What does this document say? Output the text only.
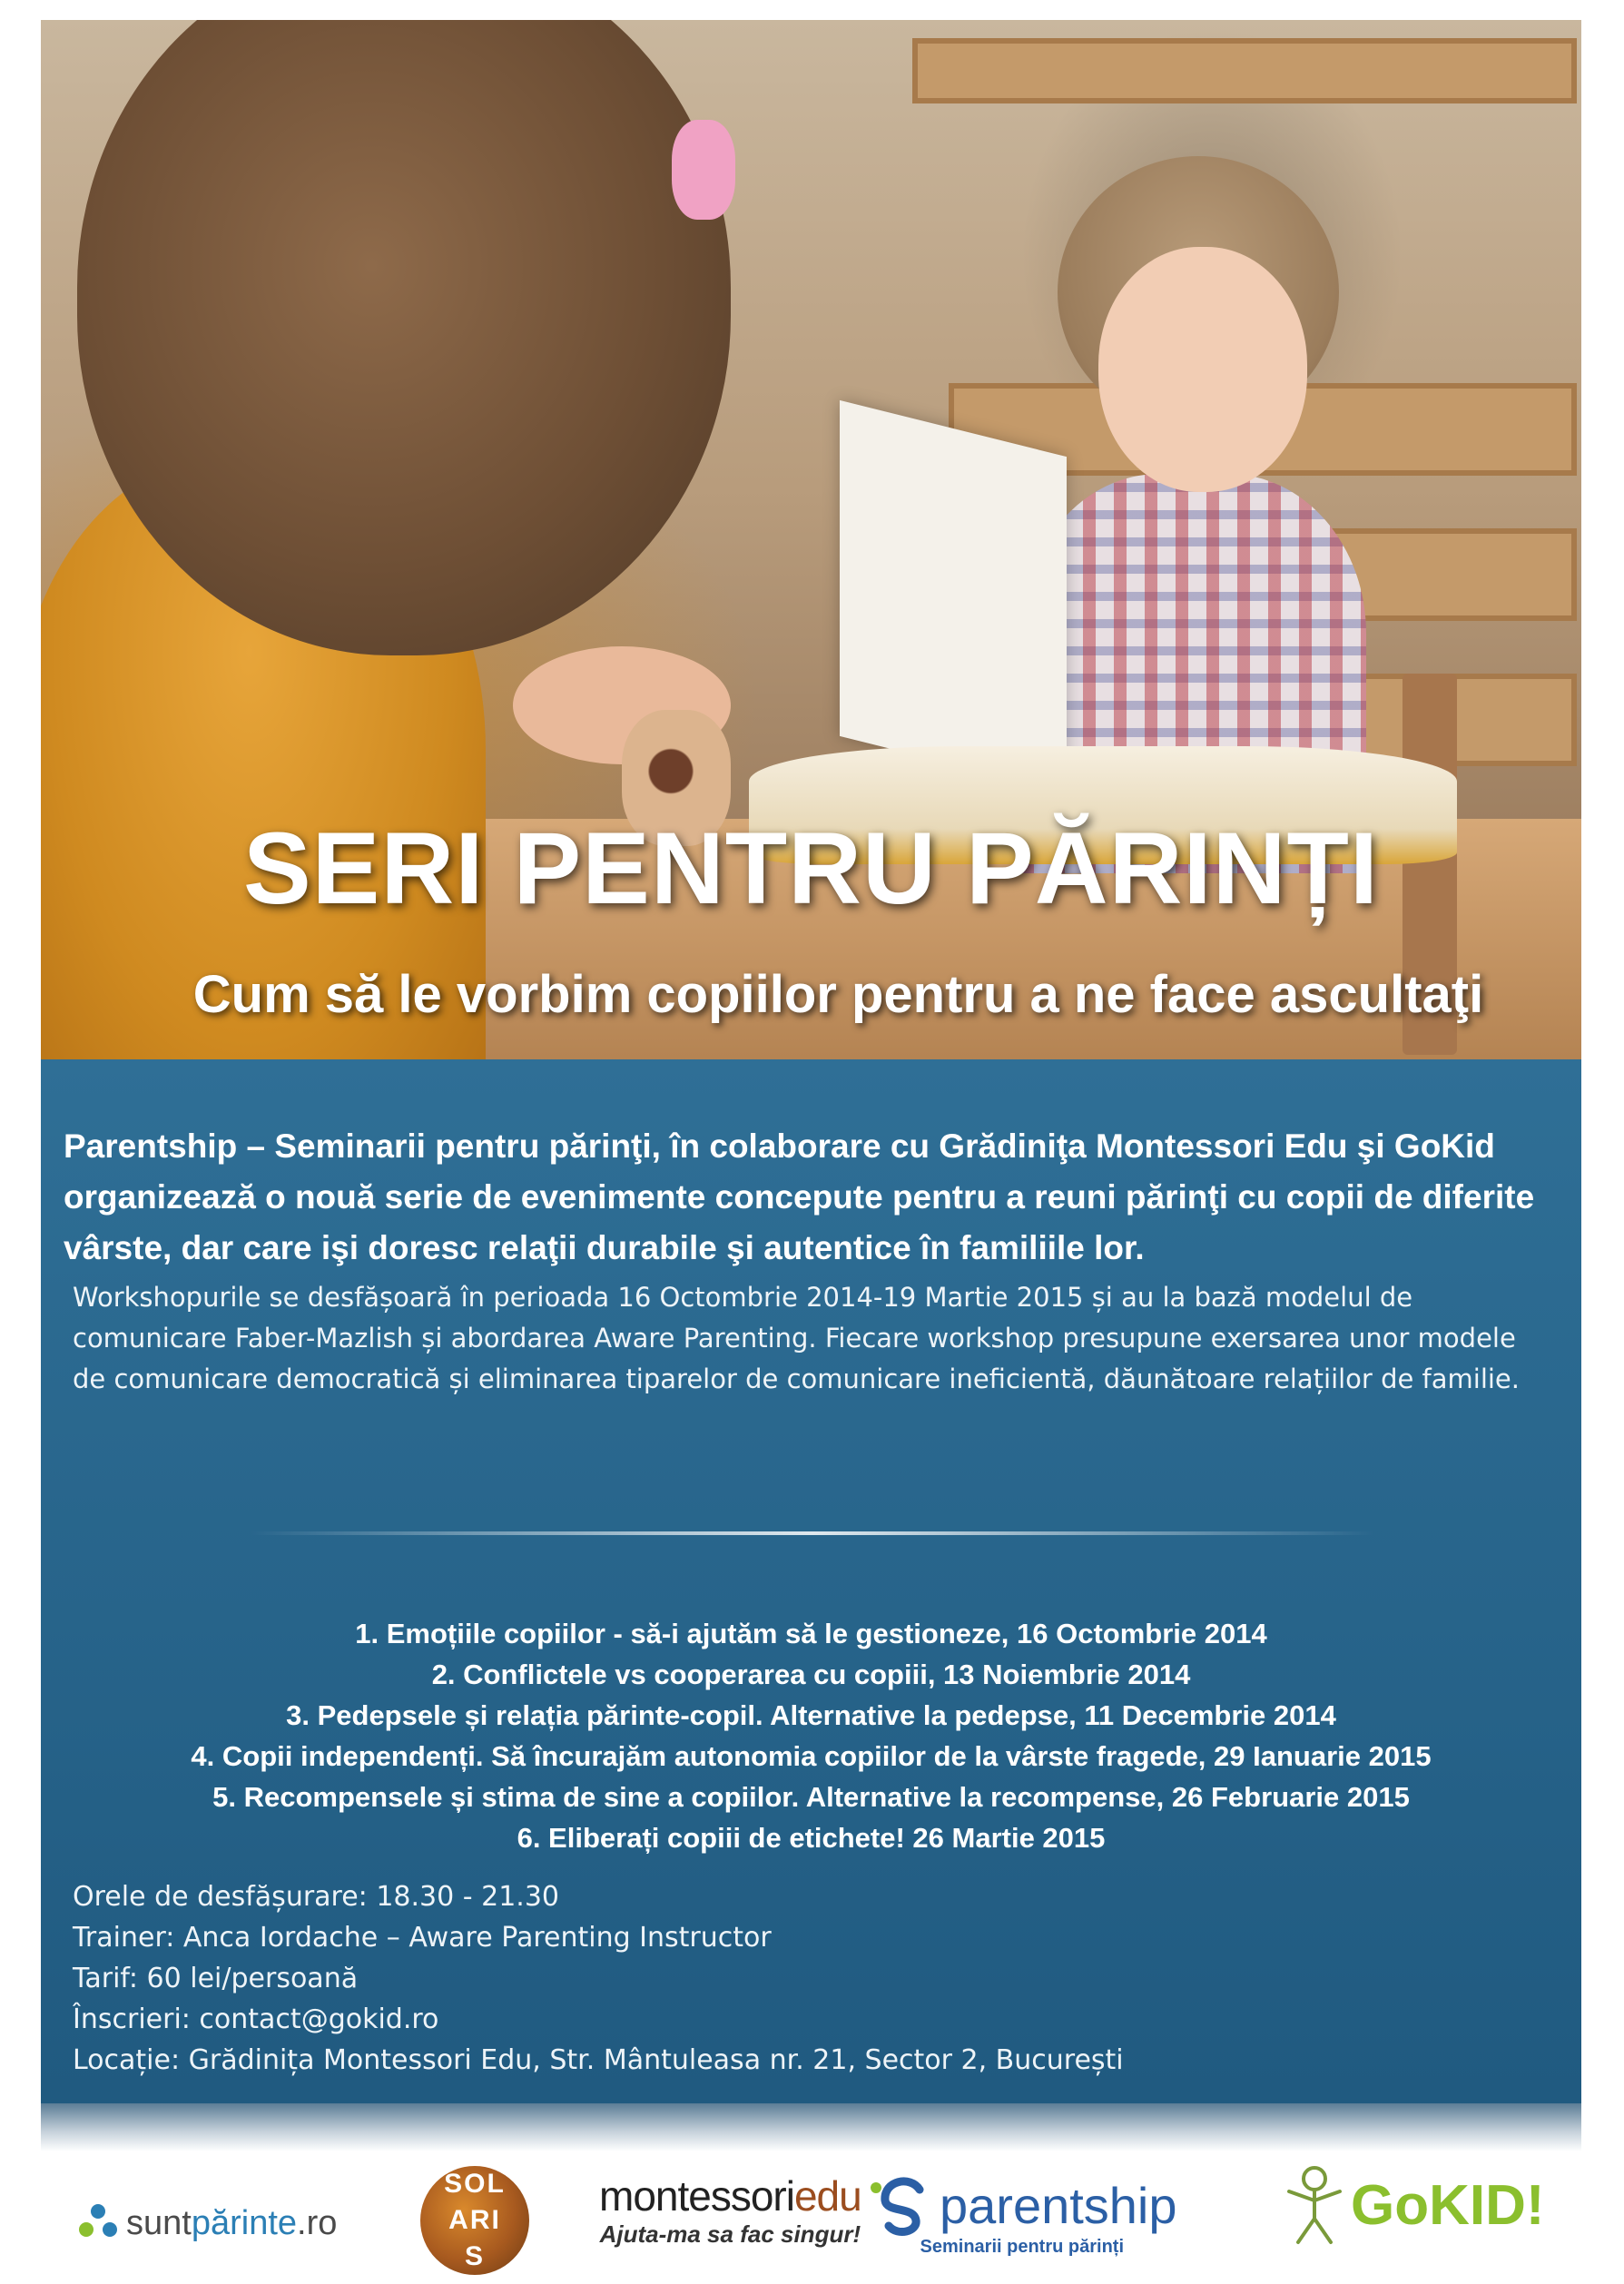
SERI PENTRU PĂRINȚI
Cum să le vorbim copiilor pentru a ne face ascultaţi

Parentship – Seminarii pentru părinţi, în colaborare cu Grădiniţa Montessori Edu şi GoKid organizează o nouă serie de evenimente concepute pentru a reuni părinţi cu copii de diferite vârste, dar care işi doresc relaţii durabile şi autentice în familiile lor.

Workshopurile se desfășoară în perioada 16 Octombrie 2014-19 Martie 2015 și au la bază modelul de comunicare Faber-Mazlish și abordarea Aware Parenting. Fiecare workshop presupune exersarea unor modele de comunicare democratică și eliminarea tiparelor de comunicare ineficientă, dăunătoare relațiilor de familie.

1. Emoțiile copiilor - să-i ajutăm să le gestioneze, 16 Octombrie 2014
2. Conflictele vs cooperarea cu copiii, 13 Noiembrie 2014
3. Pedepsele și relația părinte-copil. Alternative la pedepse, 11 Decembrie 2014
4. Copii independenți. Să încurajăm autonomia copiilor de la vârste fragede, 29 Ianuarie 2015
5. Recompensele și stima de sine a copiilor. Alternative la recompense, 26 Februarie 2015
6. Eliberați copiii de etichete! 26 Martie 2015
Orele de desfășurare: 18.30 - 21.30
Trainer: Anca Iordache – Aware Parenting Instructor
Tarif: 60 lei/persoană
Înscrieri: contact@gokid.ro
Locație: Grădinița Montessori Edu, Str. Mântuleasa nr. 21, Sector 2, București
suntpărinte.ro
SOLARIS
montessoriedu
Ajuta-ma sa fac singur!
parentship
Seminarii pentru părinți
GoKID!
